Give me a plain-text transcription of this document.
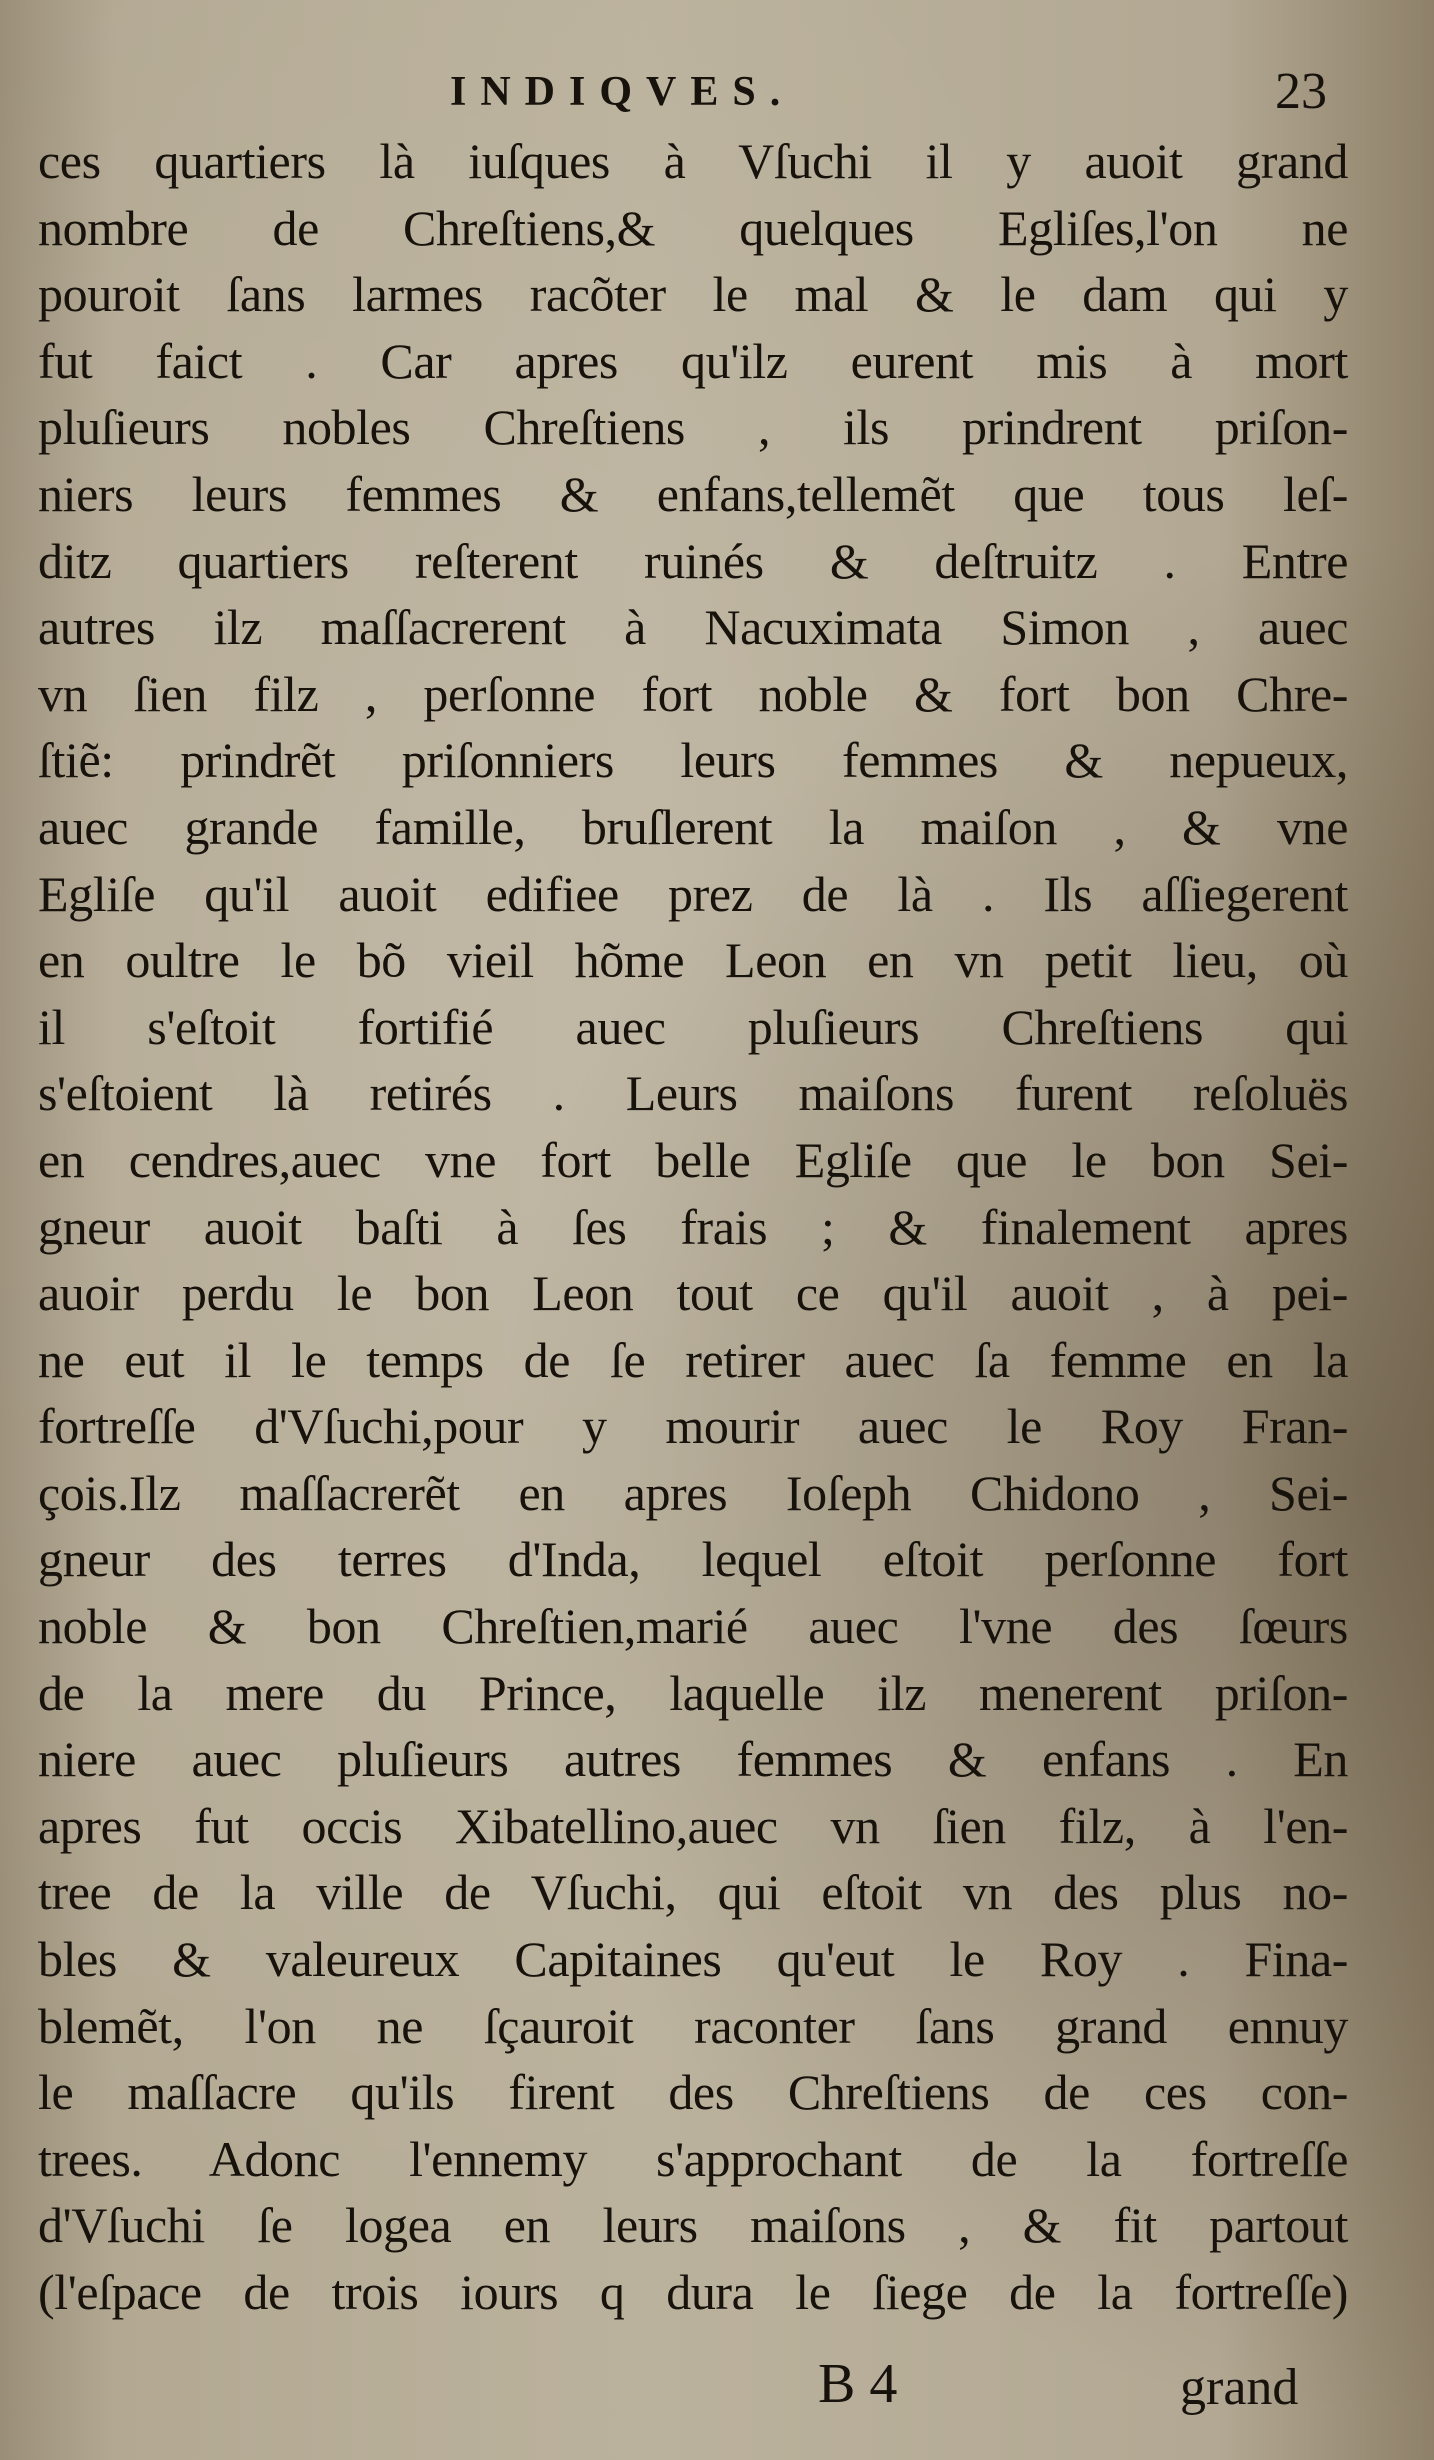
INDIQVES.	23
ces quartiers là iuſques à Vſuchi il y auoit grand
nombre de Chreſtiens,& quelques Egliſes,l'on ne
pouroit ſans larmes racõter le mal & le dam qui y
fut faict . Car apres qu'ilz eurent mis à mort
pluſieurs nobles Chreſtiens , ils prindrent priſon-
niers leurs femmes & enfans,tellemẽt que tous leſ-
ditz quartiers reſterent ruinés & deſtruitz . Entre
autres ilz maſſacrerent à Nacuximata Simon , auec
vn ſien filz , perſonne fort noble & fort bon Chre-
ſtiẽ: prindrẽt priſonniers leurs femmes & nepueux,
auec grande famille, bruſlerent la maiſon , & vne
Egliſe qu'il auoit edifiee prez de là . Ils aſſiegerent
en oultre le bõ vieil hõme Leon en vn petit lieu, où
il s'eſtoit fortifié auec pluſieurs Chreſtiens qui
s'eſtoient là retirés . Leurs maiſons furent reſoluës
en cendres,auec vne fort belle Egliſe que le bon Sei-
gneur auoit baſti à ſes frais ; & finalement apres
auoir perdu le bon Leon tout ce qu'il auoit , à pei-
ne eut il le temps de ſe retirer auec ſa femme en la
fortreſſe d'Vſuchi,pour y mourir auec le Roy Fran-
çois.Ilz maſſacrerẽt en apres Ioſeph Chidono , Sei-
gneur des terres d'Inda, lequel eſtoit perſonne fort
noble & bon Chreſtien,marié auec l'vne des ſœurs
de la mere du Prince, laquelle ilz menerent priſon-
niere auec pluſieurs autres femmes & enfans . En
apres fut occis Xibatellino,auec vn ſien filz, à l'en-
tree de la ville de Vſuchi, qui eſtoit vn des plus no-
bles & valeureux Capitaines qu'eut le Roy . Fina-
blemẽt, l'on ne ſçauroit raconter ſans grand ennuy
le maſſacre qu'ils firent des Chreſtiens de ces con-
trees. Adonc l'ennemy s'approchant de la fortreſſe
d'Vſuchi ſe logea en leurs maiſons , & fit partout
(l'eſpace de trois iours q dura le ſiege de la fortreſſe)
B 4	grand
